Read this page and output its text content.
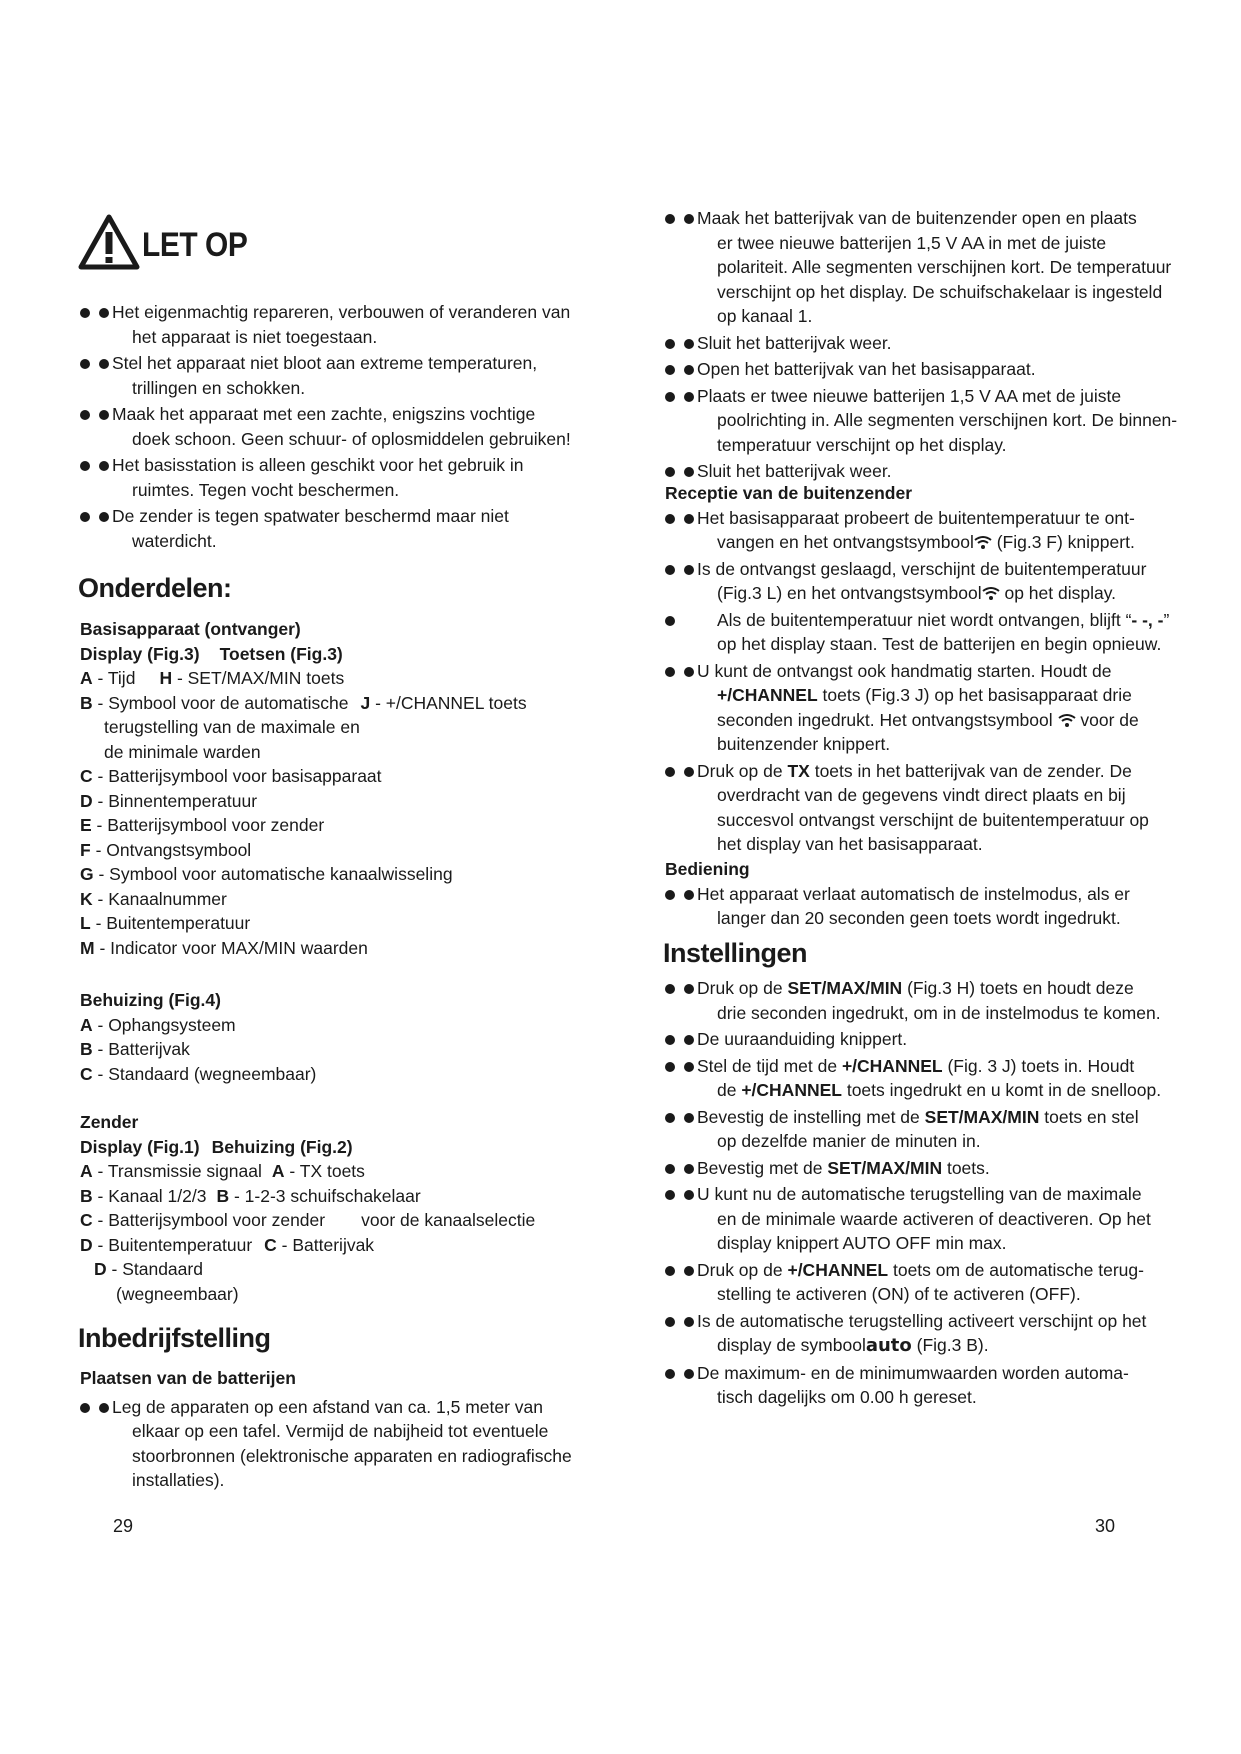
LET OP
Het eigenmachtig repareren, verbouwen of veranderen van
het apparaat is niet toegestaan.
Stel het apparaat niet bloot aan extreme temperaturen,
trillingen en schokken.
Maak het apparaat met een zachte, enigszins vochtige
doek schoon. Geen schuur- of oplosmiddelen gebruiken!
Het basisstation is alleen geschikt voor het gebruik in
ruimtes. Tegen vocht beschermen.
De zender is tegen spatwater beschermd maar niet
waterdicht.
Onderdelen:
Basisapparaat (ontvanger)
Display (Fig.3) Toetsen (Fig.3)
A - Tijd H - SET/MAX/MIN toets
B - Symbool voor de automatische J - +/CHANNEL toets
terugstelling van de maximale en
de minimale warden
C - Batterijsymbool voor basisapparaat
D - Binnentemperatuur
E - Batterijsymbool voor zender
F - Ontvangstsymbool
G - Symbool voor automatische kanaalwisseling
K - Kanaalnummer
L - Buitentemperatuur
M - Indicator voor MAX/MIN waarden
Behuizing (Fig.4)
A - Ophangsysteem
B - Batterijvak
C - Standaard (wegneembaar)
Zender
Display (Fig.1) Behuizing (Fig.2)
A - Transmissie signaal A - TX toets
B - Kanaal 1/2/3 B - 1-2-3 schuifschakelaar
C - Batterijsymbool voor zender voor de kanaalselectie
D - Buitentemperatuur C - Batterijvak
D - Standaard
(wegneembaar)
Inbedrijfstelling
Plaatsen van de batterijen
Leg de apparaten op een afstand van ca. 1,5 meter van
elkaar op een tafel. Vermijd de nabijheid tot eventuele
stoorbronnen (elektronische apparaten en radiografische
installaties).
29
Maak het batterijvak van de buitenzender open en plaats
er twee nieuwe batterijen 1,5 V AA in met de juiste
polariteit. Alle segmenten verschijnen kort. De temperatuur
verschijnt op het display. De schuifschakelaar is ingesteld
op kanaal 1.
Sluit het batterijvak weer.
Open het batterijvak van het basisapparaat.
Plaats er twee nieuwe batterijen 1,5 V AA met de juiste
poolrichting in. Alle segmenten verschijnen kort. De binnen-
temperatuur verschijnt op het display.
Sluit het batterijvak weer.
Receptie van de buitenzender
Het basisapparaat probeert de buitentemperatuur te ont-
vangen en het ontvangstsymbool (Fig.3 F) knippert.
Is de ontvangst geslaagd, verschijnt de buitentemperatuur
(Fig.3 L) en het ontvangstsymbool op het display.
Als de buitentemperatuur niet wordt ontvangen, blijft “- -, -”
op het display staan. Test de batterijen en begin opnieuw.
U kunt de ontvangst ook handmatig starten. Houdt de
+/CHANNEL toets (Fig.3 J) op het basisapparaat drie
seconden ingedrukt. Het ontvangstsymbool  voor de
buitenzender knippert.
Druk op de TX toets in het batterijvak van de zender. De
overdracht van de gegevens vindt direct plaats en bij
succesvol ontvangst verschijnt de buitentemperatuur op
het display van het basisapparaat.
Bediening
Het apparaat verlaat automatisch de instelmodus, als er
langer dan 20 seconden geen toets wordt ingedrukt.
Instellingen
Druk op de SET/MAX/MIN (Fig.3 H) toets en houdt deze
drie seconden ingedrukt, om in de instelmodus te komen.
De uuraanduiding knippert.
Stel de tijd met de +/CHANNEL (Fig. 3 J) toets in. Houdt
de +/CHANNEL toets ingedrukt en u komt in de snelloop.
Bevestig de instelling met de SET/MAX/MIN toets en stel
op dezelfde manier de minuten in.
Bevestig met de SET/MAX/MIN toets.
U kunt nu de automatische terugstelling van de maximale
en de minimale waarde activeren of deactiveren. Op het
display knippert AUTO OFF min max.
Druk op de +/CHANNEL toets om de automatische terug-
stelling te activeren (ON) of te activeren (OFF).
Is de automatische terugstelling activeert verschijnt op het
display de symboolauto (Fig.3 B).
De maximum- en de minimumwaarden worden automa-
tisch dagelijks om 0.00 h gereset.
30
